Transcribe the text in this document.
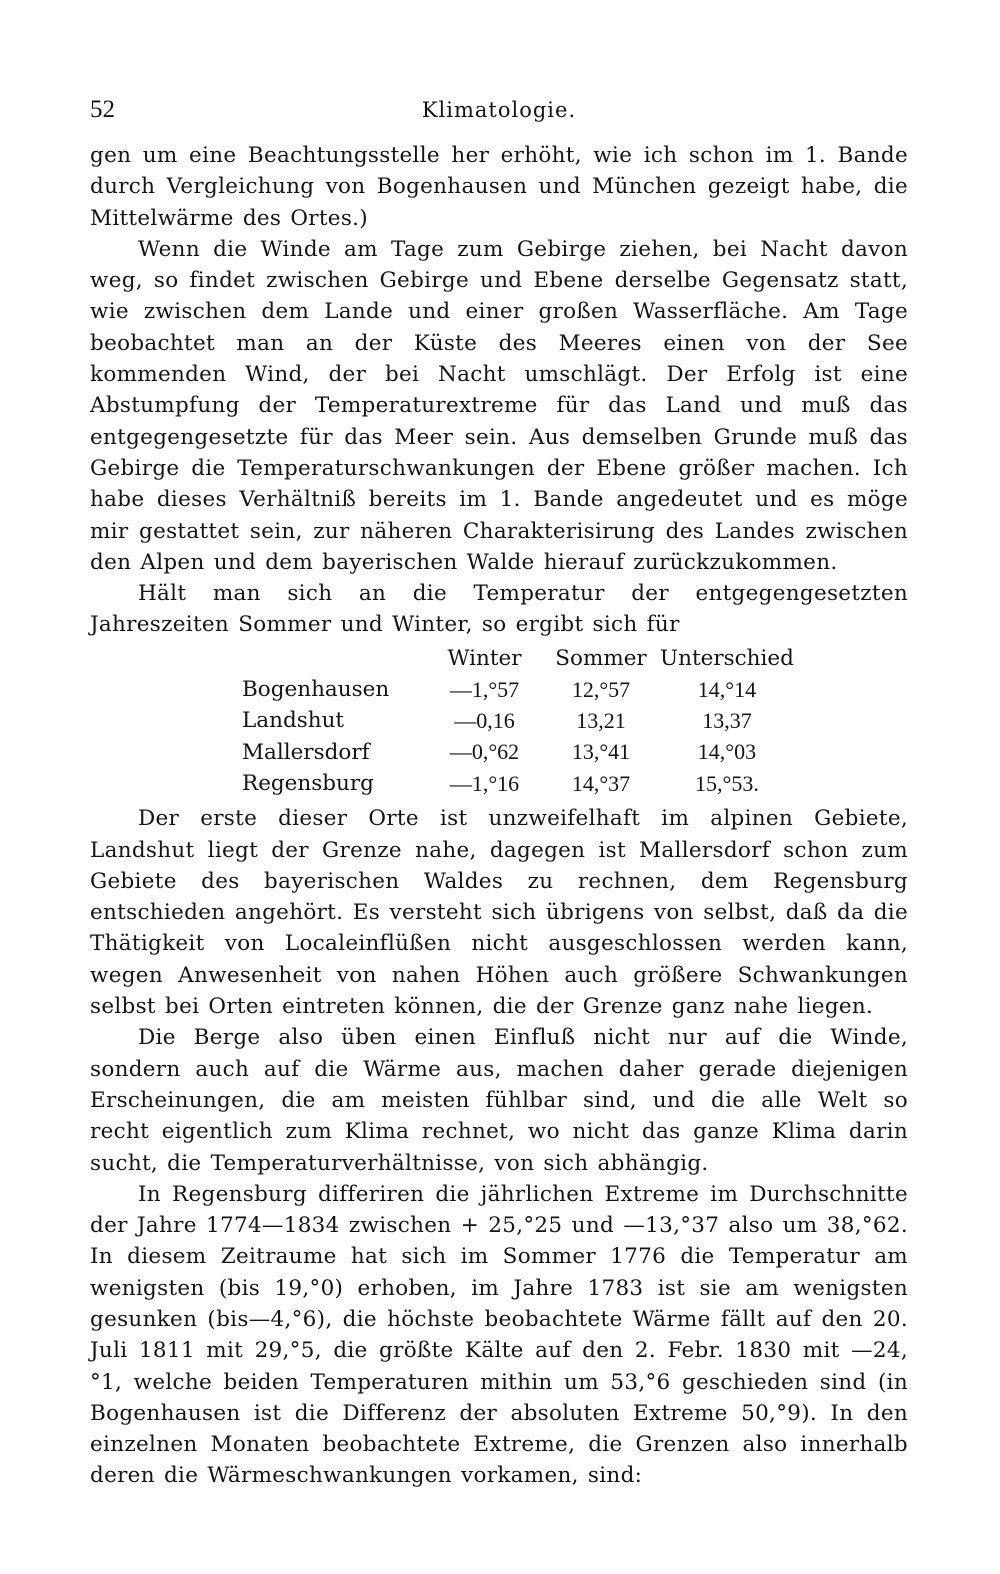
52	Klimatologie.

gen um eine Beachtungsstelle her erhöht, wie ich schon im 1. Bande durch Vergleichung von Bogenhausen und München gezeigt habe, die Mittelwärme des Ortes.)

Wenn die Winde am Tage zum Gebirge ziehen, bei Nacht davon weg, so findet zwischen Gebirge und Ebene derselbe Gegensatz statt, wie zwischen dem Lande und einer großen Wasserfläche. Am Tage beobachtet man an der Küste des Meeres einen von der See kommenden Wind, der bei Nacht umschlägt. Der Erfolg ist eine Abstumpfung der Temperaturextreme für das Land und muß das entgegengesetzte für das Meer sein. Aus demselben Grunde muß das Gebirge die Temperaturschwankungen der Ebene größer machen. Ich habe dieses Verhältniß bereits im 1. Bande angedeutet und es möge mir gestattet sein, zur näheren Charakterisirung des Landes zwischen den Alpen und dem bayerischen Walde hierauf zurückzukommen.

Hält man sich an die Temperatur der entgegengesetzten Jahreszeiten Sommer und Winter, so ergibt sich für

	Winter	Sommer	Unterschied
Bogenhausen	—1,°57	12,°57	14,°14
Landshut	—0,16	13,21	13,37
Mallersdorf	—0,°62	13,°41	14,°03
Regensburg	—1,°16	14,°37	15,°53.

Der erste dieser Orte ist unzweifelhaft im alpinen Gebiete, Landshut liegt der Grenze nahe, dagegen ist Mallersdorf schon zum Gebiete des bayerischen Waldes zu rechnen, dem Regensburg entschieden angehört. Es versteht sich übrigens von selbst, daß da die Thätigkeit von Localeinflüßen nicht ausgeschlossen werden kann, wegen Anwesenheit von nahen Höhen auch größere Schwankungen selbst bei Orten eintreten können, die der Grenze ganz nahe liegen.

Die Berge also üben einen Einfluß nicht nur auf die Winde, sondern auch auf die Wärme aus, machen daher gerade diejenigen Erscheinungen, die am meisten fühlbar sind, und die alle Welt so recht eigentlich zum Klima rechnet, wo nicht das ganze Klima darin sucht, die Temperaturverhältnisse, von sich abhängig.

In Regensburg differiren die jährlichen Extreme im Durchschnitte der Jahre 1774—1834 zwischen + 25,°25 und —13,°37 also um 38,°62. In diesem Zeitraume hat sich im Sommer 1776 die Temperatur am wenigsten (bis 19,°0) erhoben, im Jahre 1783 ist sie am wenigsten gesunken (bis—4,°6), die höchste beobachtete Wärme fällt auf den 20. Juli 1811 mit 29,°5, die größte Kälte auf den 2. Febr. 1830 mit —24,°1, welche beiden Temperaturen mithin um 53,°6 geschieden sind (in Bogenhausen ist die Differenz der absoluten Extreme 50,°9). In den einzelnen Monaten beobachtete Extreme, die Grenzen also innerhalb deren die Wärmeschwankungen vorkamen, sind:
